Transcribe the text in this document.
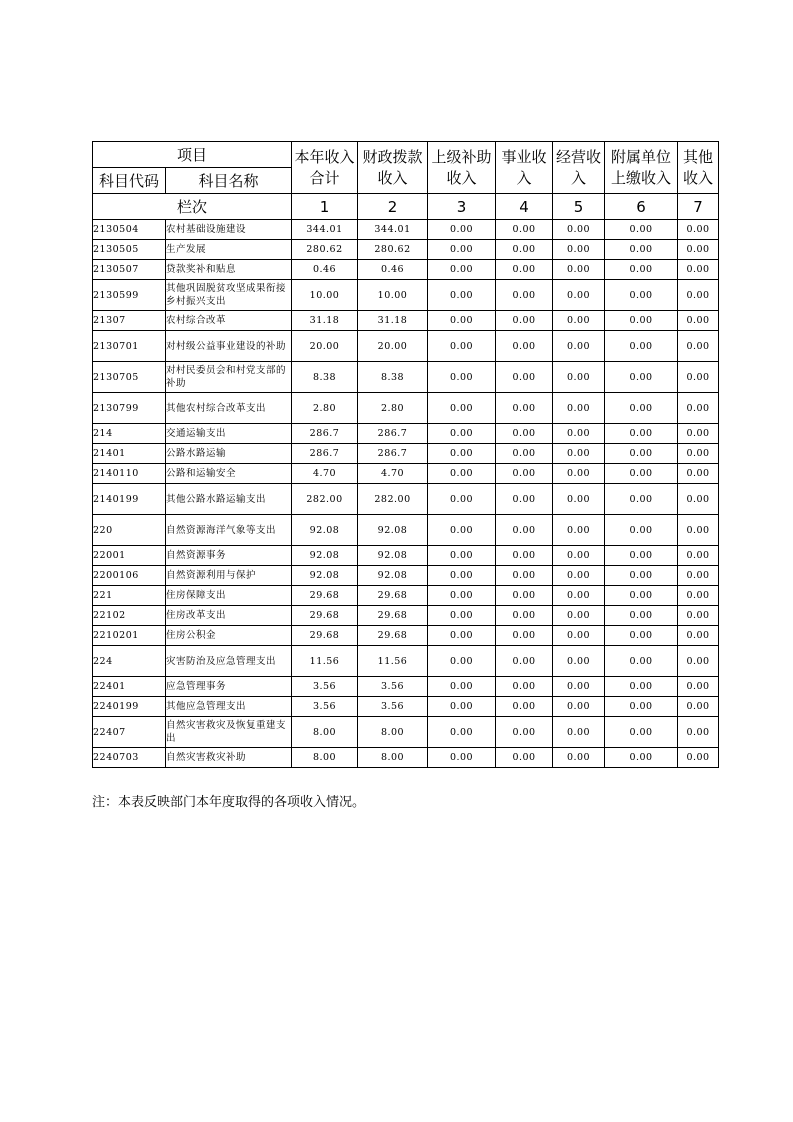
项目		本年收入合计	财政拨款收入	上级补助收入	事业收入	经营收入	附属单位上缴收入	其他收入
科目代码	科目名称							
栏次		1	2	3	4	5	6	7
2130504	农村基础设施建设	344.01	344.01	0.00	0.00	0.00	0.00	0.00
2130505	生产发展	280.62	280.62	0.00	0.00	0.00	0.00	0.00
2130507	贷款奖补和贴息	0.46	0.46	0.00	0.00	0.00	0.00	0.00
2130599	其他巩固脱贫攻坚成果衔接乡村振兴支出	10.00	10.00	0.00	0.00	0.00	0.00	0.00
21307	农村综合改革	31.18	31.18	0.00	0.00	0.00	0.00	0.00
2130701	对村级公益事业建设的补助	20.00	20.00	0.00	0.00	0.00	0.00	0.00
2130705	对村民委员会和村党支部的补助	8.38	8.38	0.00	0.00	0.00	0.00	0.00
2130799	其他农村综合改革支出	2.80	2.80	0.00	0.00	0.00	0.00	0.00
214	交通运输支出	286.7	286.7	0.00	0.00	0.00	0.00	0.00
21401	公路水路运输	286.7	286.7	0.00	0.00	0.00	0.00	0.00
2140110	公路和运输安全	4.70	4.70	0.00	0.00	0.00	0.00	0.00
2140199	其他公路水路运输支出	282.00	282.00	0.00	0.00	0.00	0.00	0.00
220	自然资源海洋气象等支出	92.08	92.08	0.00	0.00	0.00	0.00	0.00
22001	自然资源事务	92.08	92.08	0.00	0.00	0.00	0.00	0.00
2200106	自然资源利用与保护	92.08	92.08	0.00	0.00	0.00	0.00	0.00
221	住房保障支出	29.68	29.68	0.00	0.00	0.00	0.00	0.00
22102	住房改革支出	29.68	29.68	0.00	0.00	0.00	0.00	0.00
2210201	住房公积金	29.68	29.68	0.00	0.00	0.00	0.00	0.00
224	灾害防治及应急管理支出	11.56	11.56	0.00	0.00	0.00	0.00	0.00
22401	应急管理事务	3.56	3.56	0.00	0.00	0.00	0.00	0.00
2240199	其他应急管理支出	3.56	3.56	0.00	0.00	0.00	0.00	0.00
22407	自然灾害救灾及恢复重建支出	8.00	8.00	0.00	0.00	0.00	0.00	0.00
2240703	自然灾害救灾补助	8.00	8.00	0.00	0.00	0.00	0.00	0.00
注：本表反映部门本年度取得的各项收入情况。
